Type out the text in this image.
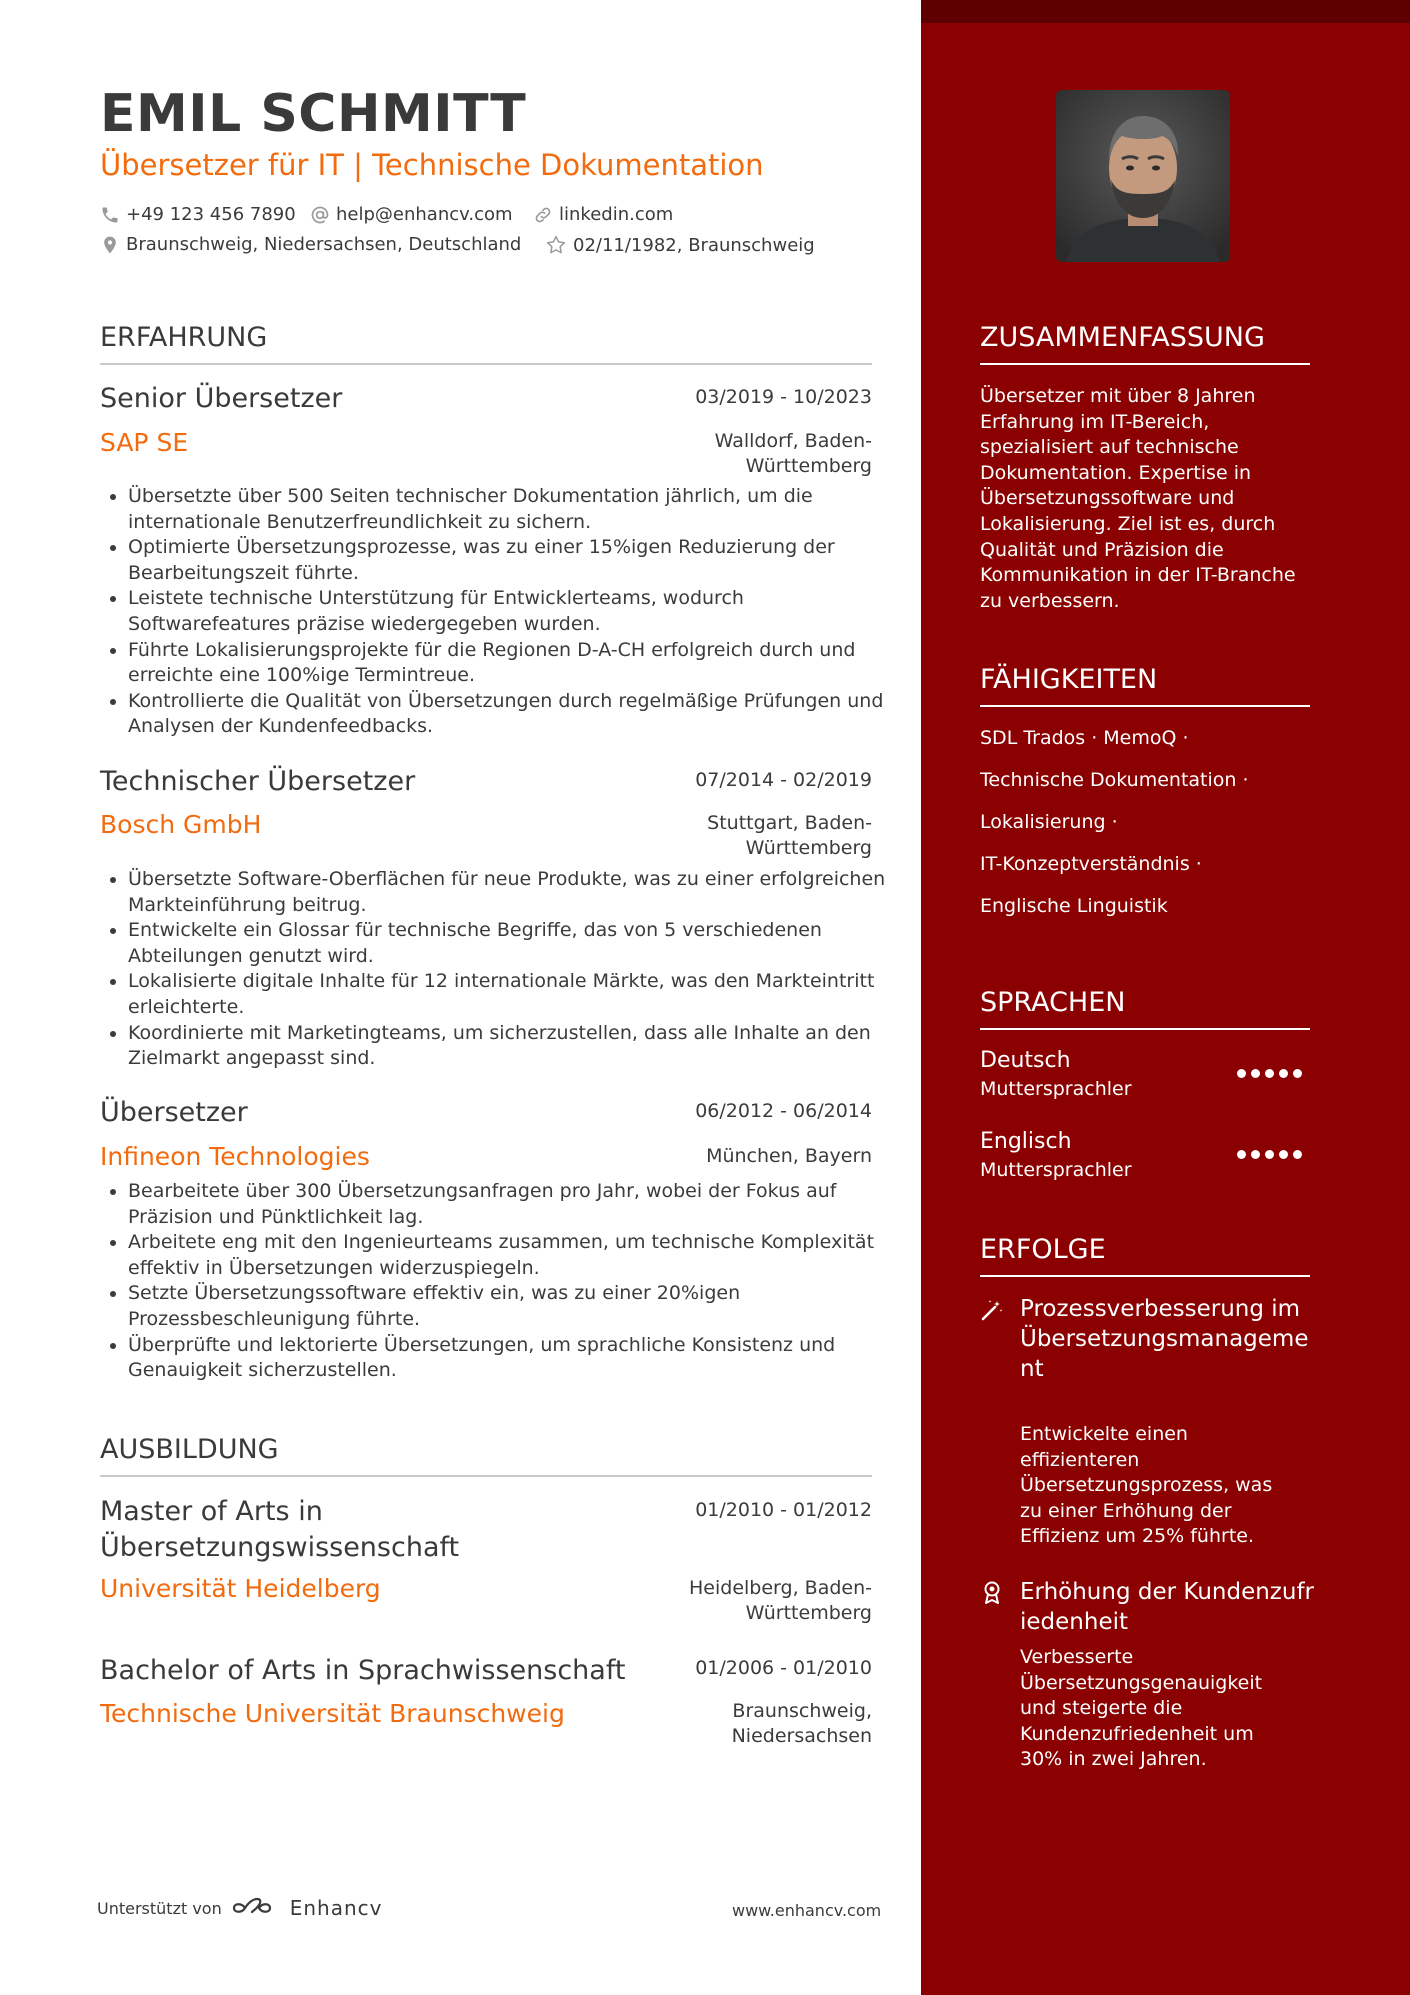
EMIL SCHMITT
Übersetzer für IT | Technische Dokumentation
+49 123 456 7890 help@enhancv.com	linkedin.com
Braunschweig, Niedersachsen, Deutschland	02/11/1982, Braunschweig
ERFAHRUNG
Senior Übersetzer	03/2019 - 10/2023
SAP SE	Walldorf, Baden-
Württemberg
• Übersetzte über 500 Seiten technischer Dokumentation jährlich, um die internationale Benutzerfreundlichkeit zu sichern.
• Optimierte Übersetzungsprozesse, was zu einer 15%igen Reduzierung der Bearbeitungszeit führte.
• Leistete technische Unterstützung für Entwicklerteams, wodurch Softwarefeatures präzise wiedergegeben wurden.
• Führte Lokalisierungsprojekte für die Regionen D-A-CH erfolgreich durch und erreichte eine 100%ige Termintreue.
• Kontrollierte die Qualität von Übersetzungen durch regelmäßige Prüfungen und Analysen der Kundenfeedbacks.
Technischer Übersetzer	07/2014 - 02/2019
Bosch GmbH	Stuttgart, Baden-
Württemberg
• Übersetzte Software-Oberflächen für neue Produkte, was zu einer erfolgreichen Markteinführung beitrug.
• Entwickelte ein Glossar für technische Begriffe, das von 5 verschiedenen Abteilungen genutzt wird.
• Lokalisierte digitale Inhalte für 12 internationale Märkte, was den Markteintritt erleichterte.
• Koordinierte mit Marketingteams, um sicherzustellen, dass alle Inhalte an den Zielmarkt angepasst sind.
Übersetzer	06/2012 - 06/2014
Infineon Technologies	München, Bayern
• Bearbeitete über 300 Übersetzungsanfragen pro Jahr, wobei der Fokus auf Präzision und Pünktlichkeit lag.
• Arbeitete eng mit den Ingenieurteams zusammen, um technische Komplexität effektiv in Übersetzungen widerzuspiegeln.
• Setzte Übersetzungssoftware effektiv ein, was zu einer 20%igen Prozessbeschleunigung führte.
• Überprüfte und lektorierte Übersetzungen, um sprachliche Konsistenz und Genauigkeit sicherzustellen.
AUSBILDUNG
Master of Arts in
Übersetzungswissenschaft
01/2010 - 01/2012
Universität Heidelberg	Heidelberg, Baden-
Württemberg
Bachelor of Arts in Sprachwissenschaft	01/2006 - 01/2010
Technische Universität Braunschweig	Braunschweig,
Niedersachsen
Unterstützt von	Enhancv	www.enhancv.com
ZUSAMMENFASSUNG
Übersetzer mit über 8 Jahren Erfahrung im IT-Bereich, spezialisiert auf technische Dokumentation. Expertise in Übersetzungssoftware und Lokalisierung. Ziel ist es, durch Qualität und Präzision die Kommunikation in der IT-Branche zu verbessern.
FÄHIGKEITEN
SDL Trados · MemoQ ·
Technische Dokumentation ·
Lokalisierung ·
IT-Konzeptverständnis ·
Englische Linguistik
SPRACHEN
Deutsch
Muttersprachler
Englisch
Muttersprachler
ERFOLGE
Prozessverbesserung im Übersetzungsmanagement
Entwickelte einen effizienteren Übersetzungsprozess, was zu einer Erhöhung der Effizienz um 25% führte.
Erhöhung der Kundenzufriedenheit
Verbesserte Übersetzungsgenauigkeit und steigerte die Kundenzufriedenheit um 30% in zwei Jahren.
